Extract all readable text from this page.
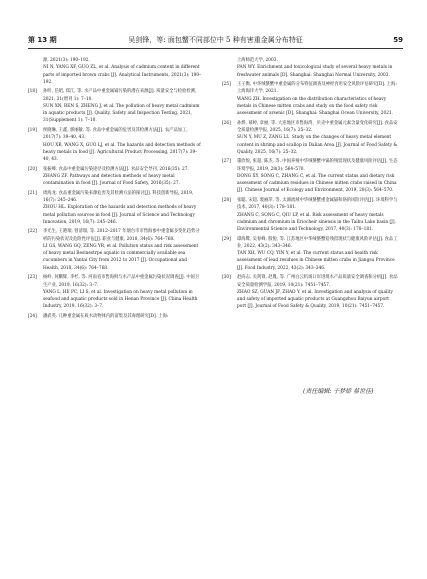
第 13 期	吴剑锋，等: 面包蟹不同部位中 5 种有害重金属分布特征	59
源, 2021(3): 190–192.
NI N, YANG XF, GUO ZL, et al. Analysis of cadmium content in different parts of imported brown crabs [J]. Analytical Instruments, 2021(3): 190–192.
[18] 孙昕, 任昭, 郑江, 等. 水产品中重金属镉污染的潜在来源[J]. 质量安全与检验检测, 2021, 31(增刊 1): 7–10.
SUN XN, REN S, ZHENG J, et al. The pollution of heavy metal cadmium in aquatic products [J]. Quality, Safety and Inspection Testing, 2021, 31(Supplement 1): 7–10.
[19] 侯晓琳, 王鑫, 郭丽敏, 等. 食品中重金属的危害及其检测方法[J]. 农产品加工, 2017(7): 39–40, 43.
HOU XB, WANG X, GUO LJ, et al. The hazards and detection methods of heavy metals in food [J]. Agricultural Product Processing, 2017(7): 39–40, 43.
[20] 张振峰. 食品中重金属污染途径及检测方法[J]. 食品安全导刊, 2016(35): 27.
ZHANG ZF. Pathways and detection methods of heavy metal contamination in food [J]. Journal of Food Safety, 2016(35): 27.
[21] 周海龙. 食品重金属污染来源危害及其检测方法的探讨[J]. 科技创新导报, 2019, 16(7): 245–246.
ZHOU HL. Exploration of the hazards and detection methods of heavy metal pollution sources in food [J]. Journal of Science and Technology Innovation, 2019, 16(7): 245–246.
[22] 李光生, 王港瑞, 曾清瑞, 等. 2012–2017 年烟台市市售海参中重金属多变化趋势分析的污染状况及危险性评估[J]. 职业与健康, 2018, 34(6): 764–768.
LI GS, WANG GQ, ZENG YR, et al. Pollution status and risk assessment of heavy metal Besinestrpe aquatic in commercially available sea cucumbers in Yantai City from 2012 to 2017 [J]. Occupational and Health, 2018, 34(6): 764–768.
[23] 杨岭, 何鹏辉, 李杉, 等. 河南省市售海鲜与水产品中重金属污染状况调查[J]. 中国卫生产业, 2019, 16(32): 3–7.
YANG L, HE PC, LI S, et al. Investigation on heavy metal pollution in seafood and aquatic products sold in Henan Province [J]. China Health Industry, 2019, 16(32): 3–7.
[24] 潘武英. 几种重金属在质水动物体内的富集及其毒理研究[D]. 上海:
上海师范大学, 2003.
PAN WY. Enrichment and toxicological study of several heavy metals in freshwater animals [D]. Shanghai: Shanghai Normal University, 2003.
[25] 王子衡. 中华绒螯蟹中重金属的分布特征调查及神经食用安全风险评估研究[D]. 上海: 上海海洋大学, 2021.
WANG ZH. Investigation on the distribution characteristics of heavy metals in Chinese mitten crabs and study on the food safety risk assessment of arsenic [D]. Shanghai: Shanghai Ocean University, 2021.
[26] 孙烨, 慕婷, 章丽, 等. 大连地区市售海湾、贝壳中重金属元素含量变化研究[J]. 食品安全质量检测学报, 2025, 16(7): 25–32.
SUN Y, MU Z, ZANG LL. Study on the changes of heavy metal element content in shrimp and scallop in Dalian Area [J]. Journal of Food Safety & Quality, 2025, 16(7): 25–32.
[27] 董欣悦, 张超, 陈杰, 等. 中国养殖中华绒螯蟹中镉的残留现状及健康风险评估[J]. 生态环境学报, 2019, 28(3): 564–570.
DONG XY, SONG C, ZHANG C, et al. The current status and dietary risk assessment of cadmium residues in Chinese mitten crabs raised in China [J]. Chinese Journal of Ecology and Environment, 2019, 28(3): 564–570.
[28] 张聪, 宋超, 裘丽萍, 等. 太湖流域中华绒螯蟹重金属镉和铬的风险评估[J]. 环境科学与技术, 2017, 40(3): 178–181.
ZHANG C, SONG C, QIU LP, et al. Risk assessment of heavy metals cadmium and chromium in Eriocheir sinensis in the Taihu Lake basin [J]. Environmental Science and Technology, 2017, 40(3): 178–181.
[29] 谭海鹭, 吴春峰, 殷悦, 等. 江苏地区中华绒螯蟹铅残留现状与健康风险评估[J]. 食品工业, 2022, 43(2): 343–346.
TAN XH, WU CQ, YIN Y, et al. The current status and health risk assessment of lead residues in Chinese mitten crabs in Jiangsu Province [J]. Food Industry, 2022, 43(2): 343–346.
[30] 赵尚志, 关剑锋, 赵胤, 等. 广州白云机场口岸进境水产品质量安全调查和分析[J]. 食品安全质量检测学报, 2019, 10(21): 7451–7457.
ZHAO SZ, GUAN JF, ZHAO Y, et al. Investigation and analysis of quality and safety of imported aquatic products at Guangzhou Baiyun airport port [J]. Journal of Food Safety & Quality, 2019, 10(21): 7451–7457.
(责任编辑: 于梦娇 蔡世佳)
